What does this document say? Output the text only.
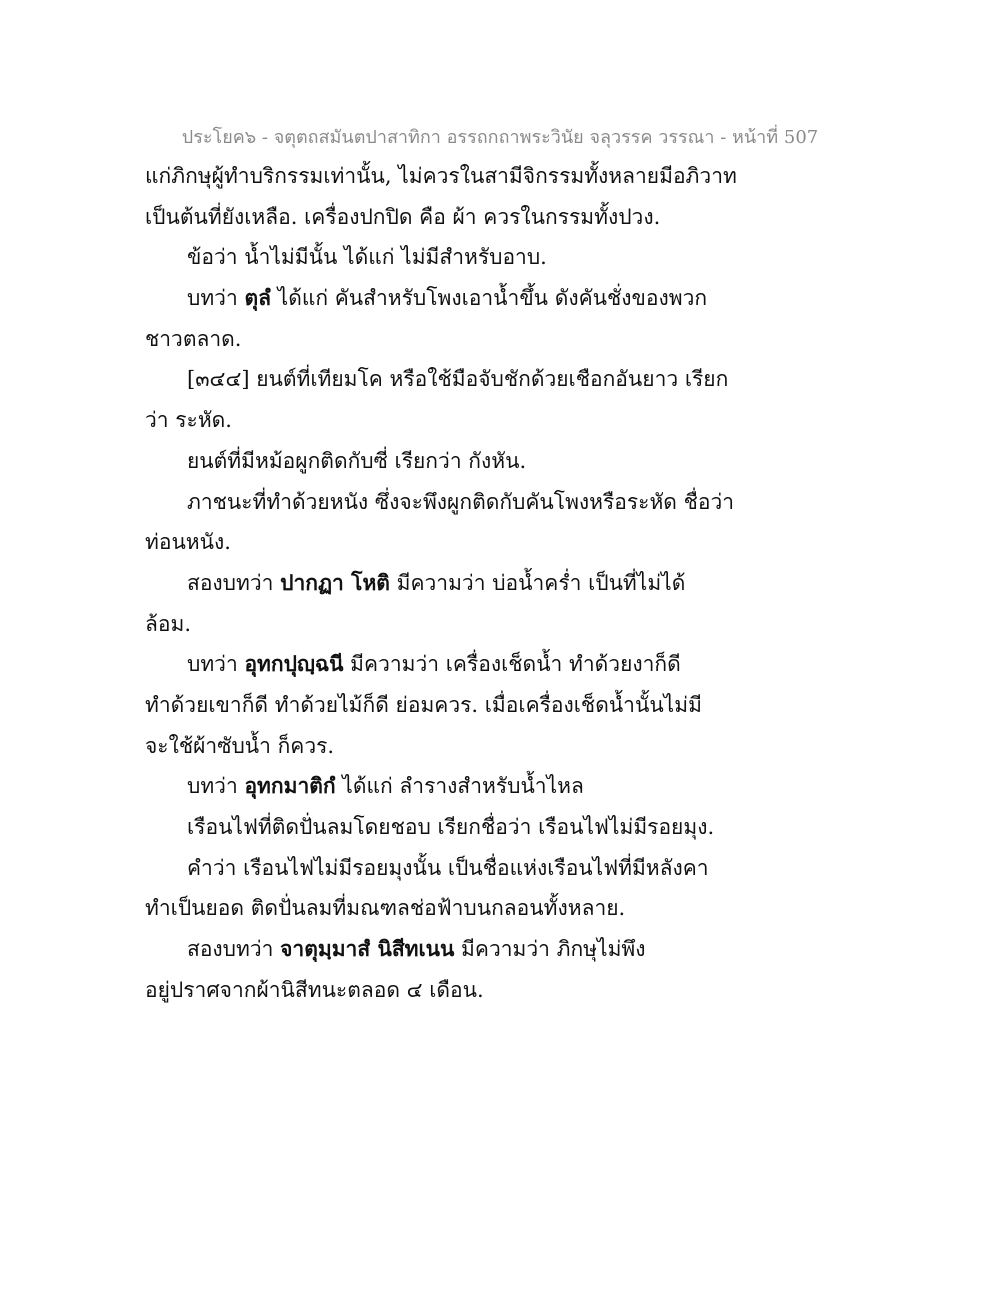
ประโยค๖ - จตุตถสมันตปาสาทิกา อรรถกถาพระวินัย จลุวรรค วรรณา - หน้าที่ 507
แก่ภิกษุผู้ทำบริกรรมเท่านั้น, ไม่ควรในสามีจิกรรมทั้งหลายมีอภิวาท
เป็นต้นที่ยังเหลือ. เครื่องปกปิด คือ ผ้า ควรในกรรมทั้งปวง.
ข้อว่า น้ำไม่มีนั้น ได้แก่ ไม่มีสำหรับอาบ.
บทว่า ตุลํ ได้แก่ คันสำหรับโพงเอาน้ำขึ้น ดังคันชั่งของพวก
ชาวตลาด.
[๓๔๔] ยนต์ที่เทียมโค หรือใช้มือจับชักด้วยเชือกอันยาว เรียก
ว่า ระหัด.
ยนต์ที่มีหม้อผูกติดกับซี่ เรียกว่า กังหัน.
ภาชนะที่ทำด้วยหนัง ซึ่งจะพึงผูกติดกับคันโพงหรือระหัด ชื่อว่า
ท่อนหนัง.
สองบทว่า ปากฏา โหติ มีความว่า บ่อน้ำคร่ำ เป็นที่ไม่ได้
ล้อม.
บทว่า อุทกปุญฺฉนี มีความว่า เครื่องเช็ดน้ำ ทำด้วยงาก็ดี
ทำด้วยเขาก็ดี ทำด้วยไม้ก็ดี ย่อมควร. เมื่อเครื่องเช็ดน้ำนั้นไม่มี
จะใช้ผ้าซับน้ำ ก็ควร.
บทว่า อุทกมาติกํ ได้แก่ ลำรางสำหรับน้ำไหล
เรือนไฟที่ติดปั่นลมโดยชอบ เรียกชื่อว่า เรือนไฟไม่มีรอยมุง.
คำว่า เรือนไฟไม่มีรอยมุงนั้น เป็นชื่อแห่งเรือนไฟที่มีหลังคา
ทำเป็นยอด ติดปั่นลมที่มณฑลช่อฟ้าบนกลอนทั้งหลาย.
สองบทว่า จาตุมฺมาสํ นิสีทเนน มีความว่า ภิกษุไม่พึง
อยู่ปราศจากผ้านิสีทนะตลอด ๔ เดือน.
